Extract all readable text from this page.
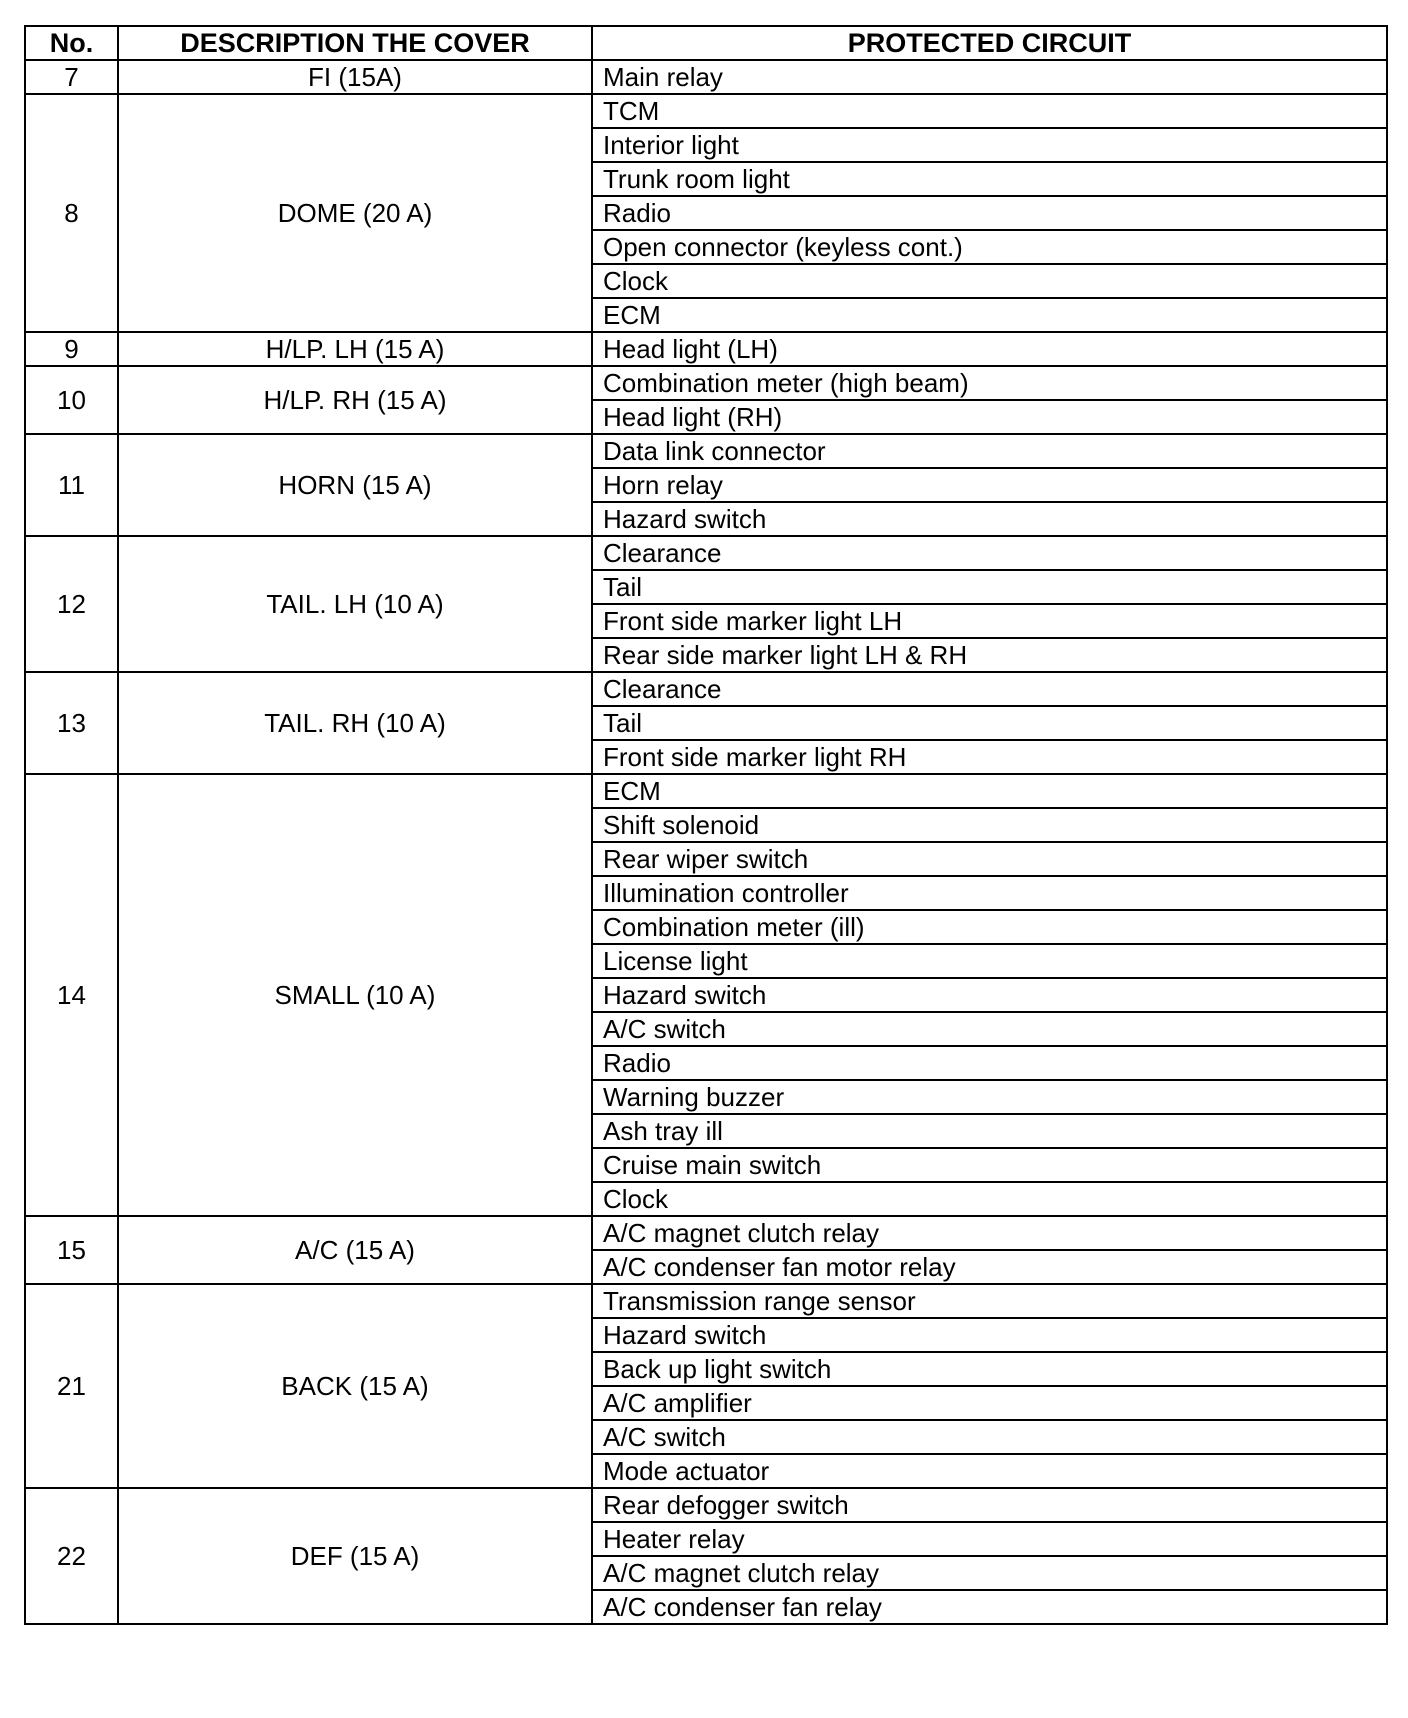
No.	DESCRIPTION THE COVER	PROTECTED CIRCUIT
7	FI (15A)	Main relay
8	DOME (20 A)	TCM
		Interior light
		Trunk room light
		Radio
		Open connector (keyless cont.)
		Clock
		ECM
9	H/LP. LH (15 A)	Head light (LH)
10	H/LP. RH (15 A)	Combination meter (high beam)
		Head light (RH)
11	HORN (15 A)	Data link connector
		Horn relay
		Hazard switch
12	TAIL. LH (10 A)	Clearance
		Tail
		Front side marker light LH
		Rear side marker light LH & RH
13	TAIL. RH (10 A)	Clearance
		Tail
		Front side marker light RH
14	SMALL (10 A)	ECM
		Shift solenoid
		Rear wiper switch
		Illumination controller
		Combination meter (ill)
		License light
		Hazard switch
		A/C switch
		Radio
		Warning buzzer
		Ash tray ill
		Cruise main switch
		Clock
15	A/C (15 A)	A/C magnet clutch relay
		A/C condenser fan motor relay
21	BACK (15 A)	Transmission range sensor
		Hazard switch
		Back up light switch
		A/C amplifier
		A/C switch
		Mode actuator
22	DEF (15 A)	Rear defogger switch
		Heater relay
		A/C magnet clutch relay
		A/C condenser fan relay
